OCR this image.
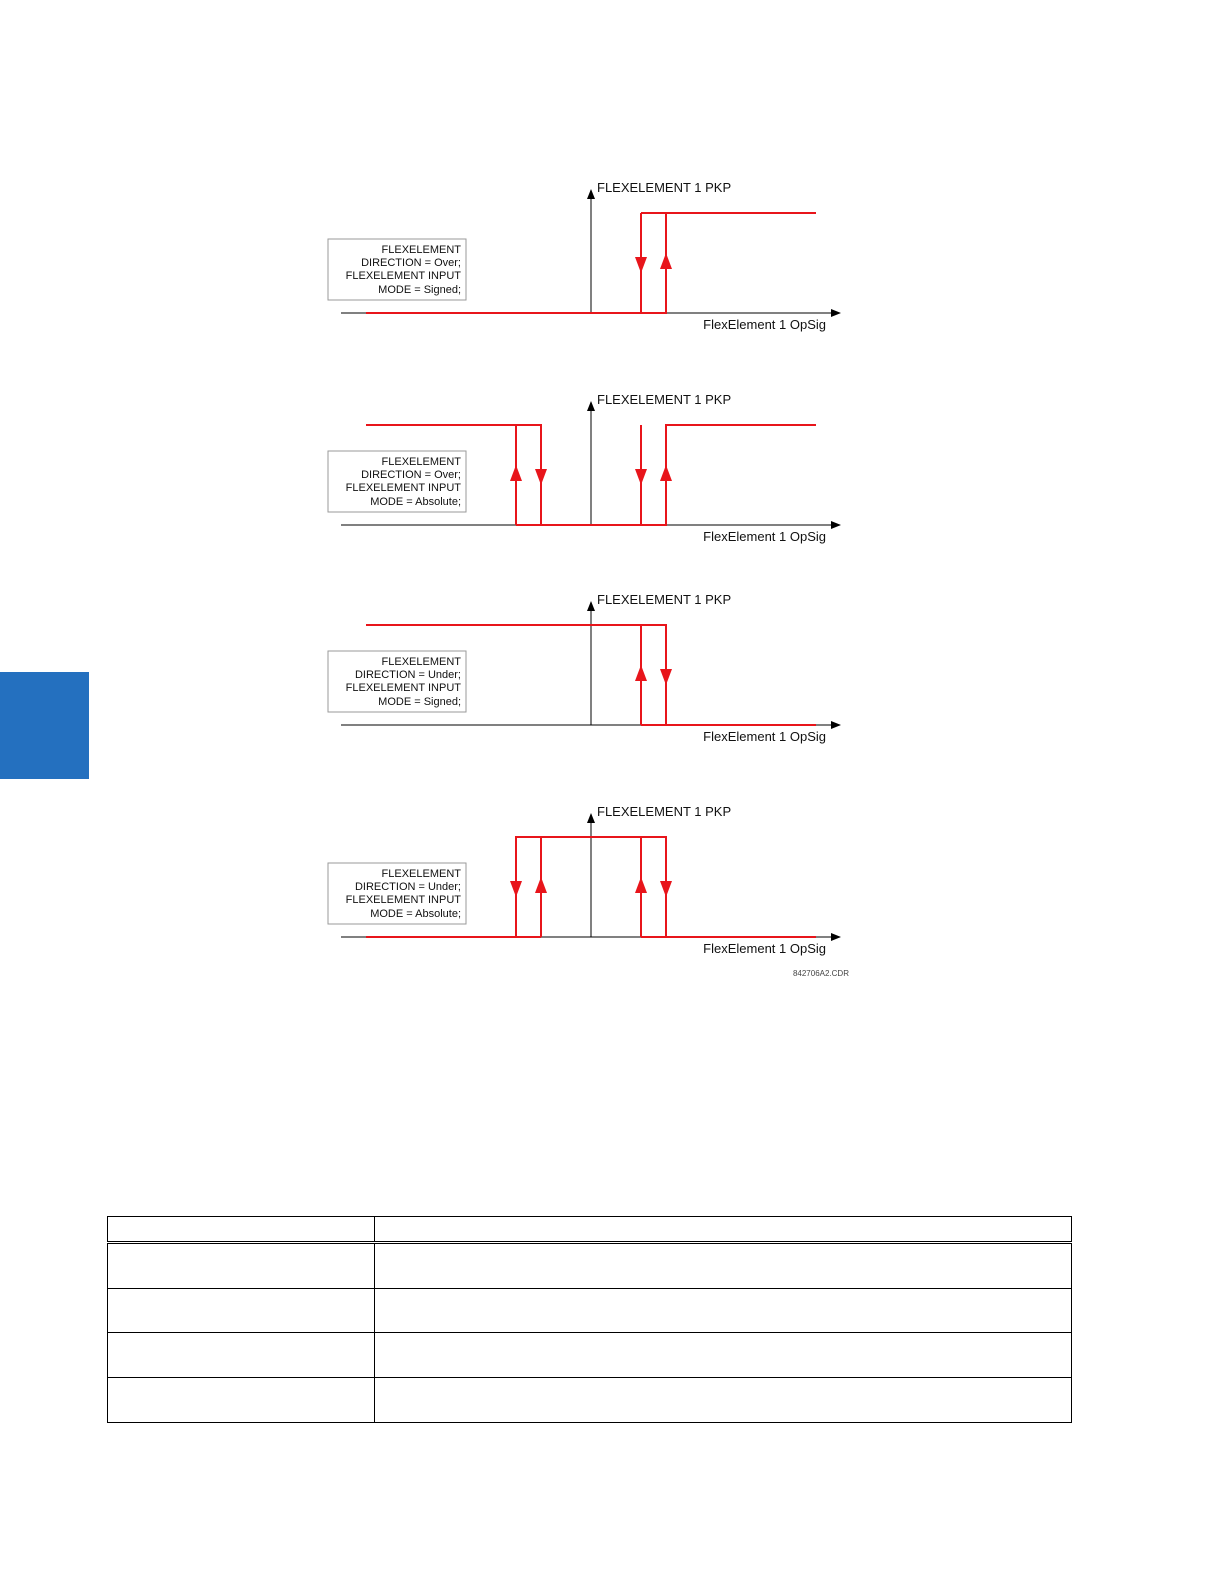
FLEXELEMENT 1 PKP
FlexElement 1 OpSig
FLEXELEMENT
DIRECTION = Over;
FLEXELEMENT INPUT
MODE = Signed;
FLEXELEMENT 1 PKP
FlexElement 1 OpSig
FLEXELEMENT
DIRECTION = Over;
FLEXELEMENT INPUT
MODE = Absolute;
FLEXELEMENT 1 PKP
FlexElement 1 OpSig
FLEXELEMENT
DIRECTION = Under;
FLEXELEMENT INPUT
MODE = Signed;
FLEXELEMENT 1 PKP
FlexElement 1 OpSig
FLEXELEMENT
DIRECTION = Under;
FLEXELEMENT INPUT
MODE = Absolute;
842706A2.CDR
